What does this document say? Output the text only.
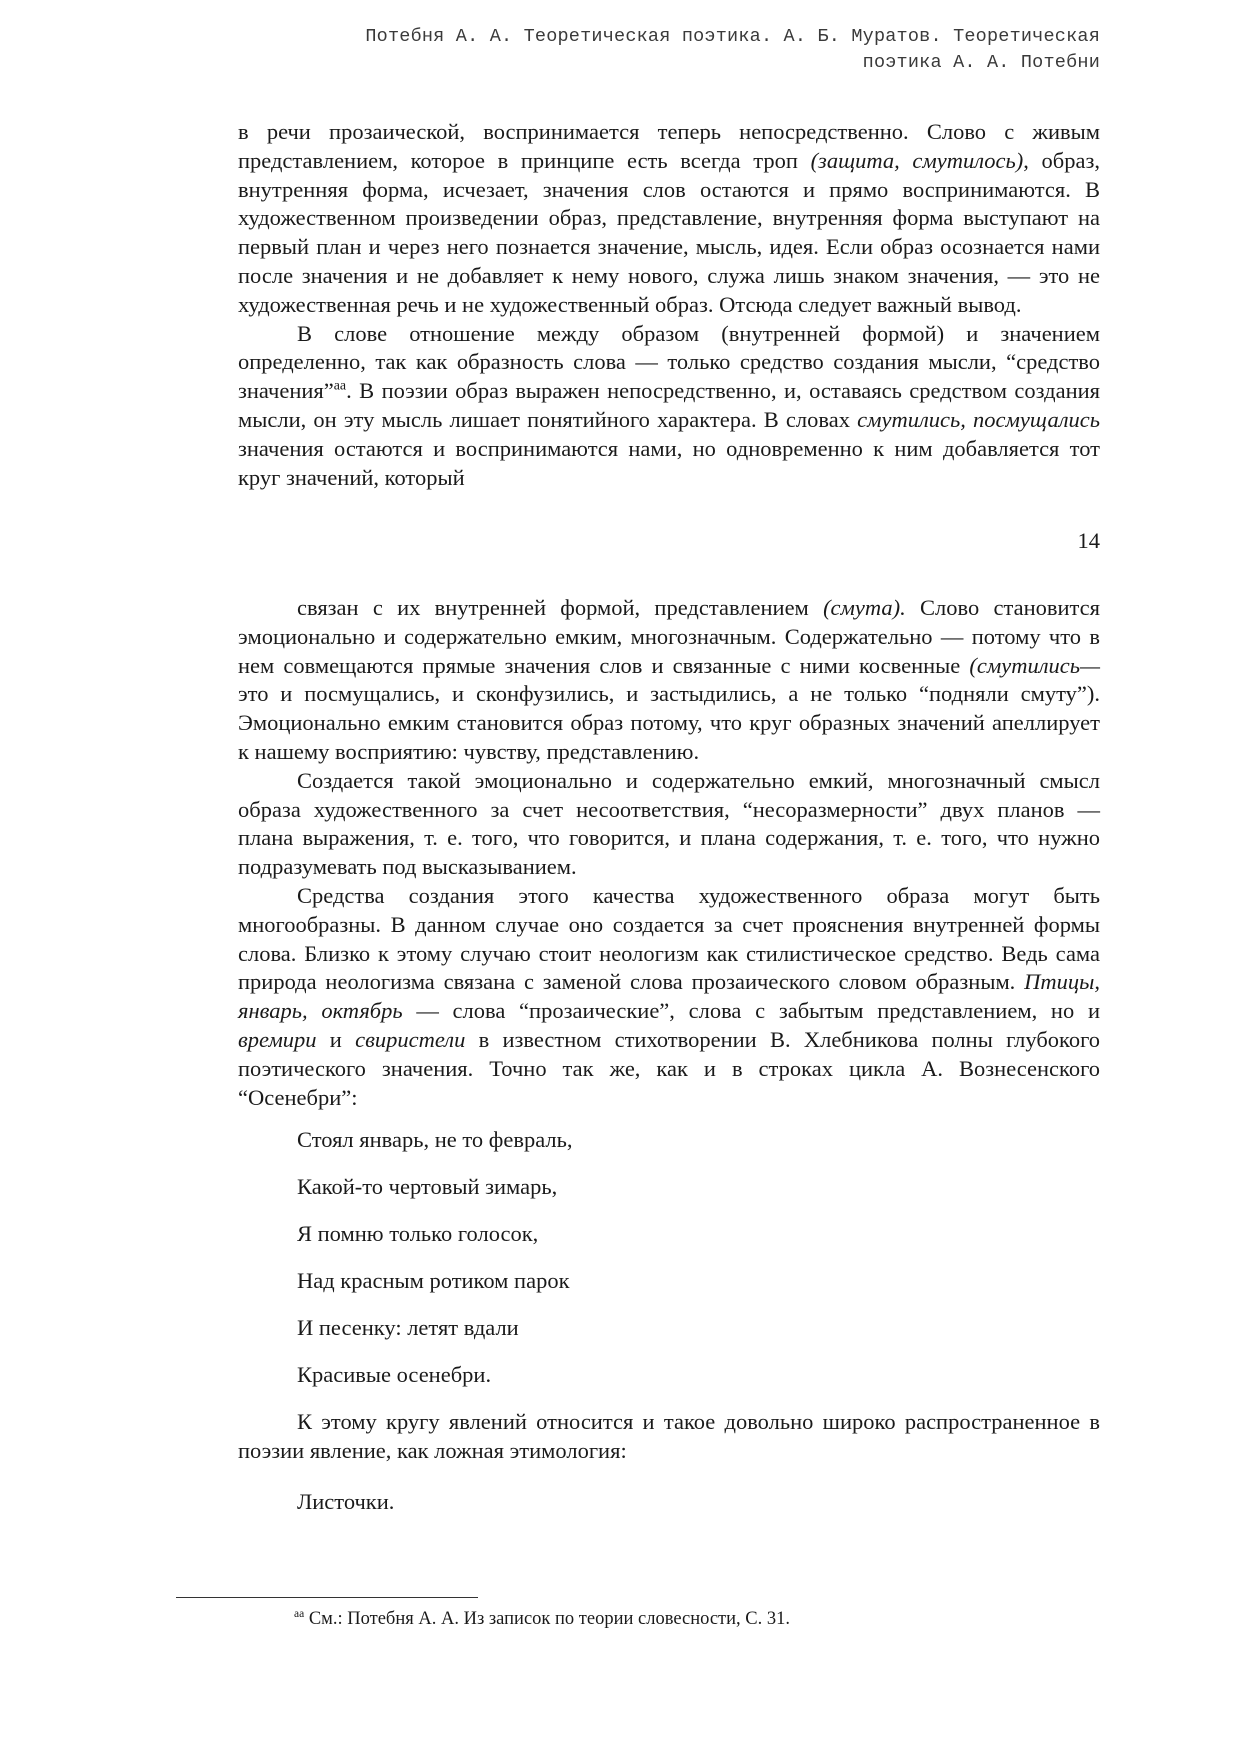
Потебня А. А. Теоретическая поэтика. А. Б. Муратов. Теоретическая
поэтика А. А. Потебни

в речи прозаической, воспринимается теперь непосредственно. Слово с живым представлением, которое в принципе есть всегда троп (защита, смутилось), образ, внутренняя форма, исчезает, значения слов остаются и прямо воспринимаются. В художественном произведении образ, представление, внутренняя форма выступают на первый план и через него познается значение, мысль, идея. Если образ осознается нами после значения и не добавляет к нему нового, служа лишь знаком значения, — это не художественная речь и не художественный образ. Отсюда следует важный вывод.

В слове отношение между образом (внутренней формой) и значением определенно, так как образность слова — только средство создания мысли, “средство значения”$^{аа}$. В поэзии образ выражен непосредственно, и, оставаясь средством создания мысли, он эту мысль лишает понятийного характера. В словах смутились, посмущались значения остаются и воспринимаются нами, но одновременно к ним добавляется тот круг значений, который

14

связан с их внутренней формой, представлением (смута). Слово становится эмоционально и содержательно емким, многозначным. Содержательно — потому что в нем совмещаются прямые значения слов и связанные с ними косвенные (смутились— это и посмущались, и сконфузились, и застыдились, а не только “подняли смуту”). Эмоционально емким становится образ потому, что круг образных значений апеллирует к нашему восприятию: чувству, представлению.

Создается такой эмоционально и содержательно емкий, многозначный смысл образа художественного за счет несоответствия, “несоразмерности” двух планов — плана выражения, т. е. того, что говорится, и плана содержания, т. е. того, что нужно подразумевать под высказыванием.

Средства создания этого качества художественного образа могут быть многообразны. В данном случае оно создается за счет прояснения внутренней формы слова. Близко к этому случаю стоит неологизм как стилистическое средство. Ведь сама природа неологизма связана с заменой слова прозаического словом образным. Птицы, январь, октябрь — слова “прозаические”, слова с забытым представлением, но и времири и свиристели в известном стихотворении В. Хлебникова полны глубокого поэтического значения. Точно так же, как и в строках цикла А. Вознесенского “Осенебри”:

Стоял январь, не то февраль,
Какой-то чертовый зимарь,
Я помню только голосок,
Над красным ротиком парок
И песенку: летят вдали
Красивые осенебри.

К этому кругу явлений относится и такое довольно широко распространенное в поэзии явление, как ложная этимология:

Листочки.
$^{аа}$ См.: Потебня А. А. Из записок по теории словесности, С. 31.
